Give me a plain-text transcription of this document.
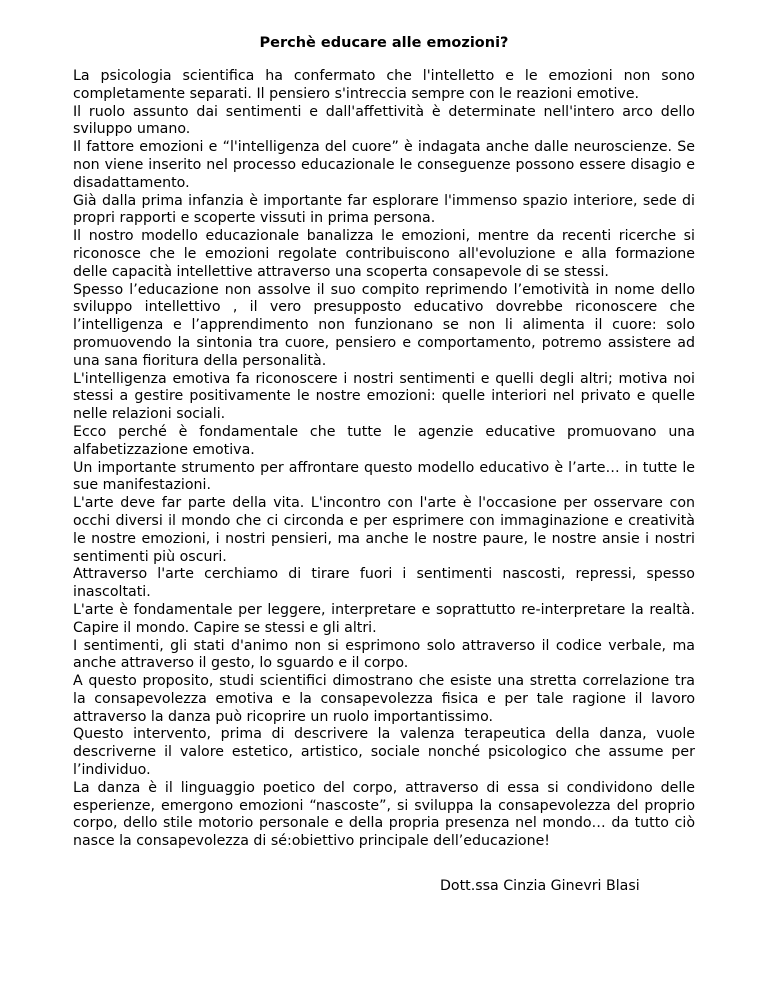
Perchè educare alle emozioni?

La psicologia scientifica ha confermato che l'intelletto e le emozioni non sono completamente separati. Il pensiero s'intreccia sempre con le reazioni emotive.

Il ruolo assunto dai sentimenti e dall'affettività è determinate nell'intero arco dello sviluppo umano.

Il fattore emozioni e “l'intelligenza del cuore” è indagata anche dalle neuroscienze. Se non viene inserito nel processo educazionale le conseguenze possono essere disagio e disadattamento.

Già dalla prima infanzia è importante far esplorare l'immenso spazio interiore, sede di propri rapporti e scoperte vissuti in prima persona.

Il nostro modello educazionale banalizza le emozioni, mentre da recenti ricerche si riconosce che le emozioni regolate contribuiscono all'evoluzione e alla formazione delle capacità intellettive attraverso una scoperta consapevole di se stessi.

Spesso l’educazione non assolve il suo compito reprimendo l’emotività in nome dello sviluppo intellettivo , il vero presupposto educativo dovrebbe riconoscere che l’intelligenza e l’apprendimento non funzionano se non li alimenta il cuore: solo promuovendo la sintonia tra cuore, pensiero e comportamento, potremo assistere ad una sana fioritura della personalità.

L'intelligenza emotiva fa riconoscere i nostri sentimenti e quelli degli altri; motiva noi stessi a gestire positivamente le nostre emozioni: quelle interiori nel privato e quelle nelle relazioni sociali.

Ecco perché è fondamentale che tutte le agenzie educative promuovano una alfabetizzazione emotiva.

Un importante strumento per affrontare questo modello educativo è l’arte… in tutte le sue manifestazioni.

L'arte deve far parte della vita. L'incontro con l'arte è l'occasione per osservare con occhi diversi il mondo che ci circonda e per esprimere con immaginazione e creatività le nostre emozioni, i nostri pensieri, ma anche le nostre paure, le nostre ansie i nostri sentimenti più oscuri.

Attraverso l'arte cerchiamo di tirare fuori i sentimenti nascosti, repressi, spesso inascoltati.

L'arte è fondamentale per leggere, interpretare e soprattutto re-interpretare la realtà. Capire il mondo. Capire se stessi e gli altri.

I sentimenti, gli stati d'animo non si esprimono solo attraverso il codice verbale, ma anche attraverso il gesto, lo sguardo e il corpo.

A questo proposito, studi scientifici dimostrano che esiste una stretta correlazione tra la consapevolezza emotiva e la consapevolezza fisica e per tale ragione il lavoro attraverso la danza può ricoprire un ruolo importantissimo.

Questo intervento, prima di descrivere la valenza terapeutica della danza, vuole descriverne il valore estetico, artistico, sociale nonché psicologico che assume per l’individuo.

La danza è il linguaggio poetico del corpo, attraverso di essa si condividono delle esperienze, emergono emozioni “nascoste”, si sviluppa la consapevolezza del proprio corpo, dello stile motorio personale e della propria presenza nel mondo… da tutto ciò nasce la consapevolezza di sé:obiettivo principale dell’educazione!

Dott.ssa Cinzia Ginevri Blasi
